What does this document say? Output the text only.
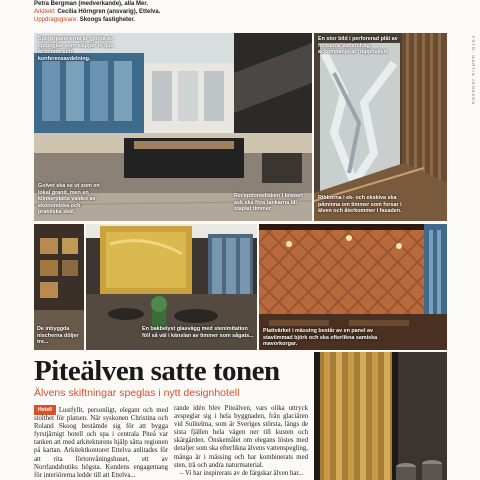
Petra Bergman (medverkande), alla Mer.
Arkitekt: Cecilia Hörngren (ansvarig), Ettelva.
Uppdragsgivare: Skoogs fastigheter.
Spegelpanelerna är gjorda av spionglas som släpper in ljus åt kontor och konferensavdelning.
Golvet ska se ut som en lokal granit, men en klinkerplatta valdes av ekonomiska och praktiska skäl.
Receptionsdisken i brasert ask ska föra tankarna till staplat timmer.
En stor bild i perforerad plåt av forsande vattendrag ackompanjerar trapphallen.
Ribborna i ek- och ekskiva ska påminna om timmer som forsar i älven och återkommer i fasaden.
FOTO: MARTIN JONSSON
De inbyggda nischerna döljer tre...
En bakbelyst glasvägg med stenimitation föll så väl i känslan av timmer som sågats...
Plattvärket i mässing består av en panel av staviimmad björk och ska efterlikna samiska mavorkorgar.
Piteälven satte tonen
Älvens skiftningar speglas i nytt designhotell
Hotell Lustfyllt, personligt, elegant och med stolthet för platsen. När syskonen Christina och Roland Skoog bestämde sig för att bygga fyrstjärnigt hotell och spa i centrala Piteå var tanken att med arkitekturens hjälp sätta regionen på kartan. Arkitektkontoret Ettelva anlitades för att rita förtonvåningshuset, ett av Norrlandsbutiks högsta. Kundens engagemang för interiörerna ledde till att Ettelva...
rande idén blev Piteälven, vars olika uttryck avspeglar sig i hela byggnaden, från glaciären vid Sulitelma, som är Sveriges största, längs de sista fjällen hela vägen ner till kusten och skärgården. Önskemålet om elegans löstes med detaljer som ska efterlikna älvens vattenspegling, många är i mässing och har kombinerats med sten, trä och andra naturmaterial.
– Vi har inspirerats av de färgskar älven har...
